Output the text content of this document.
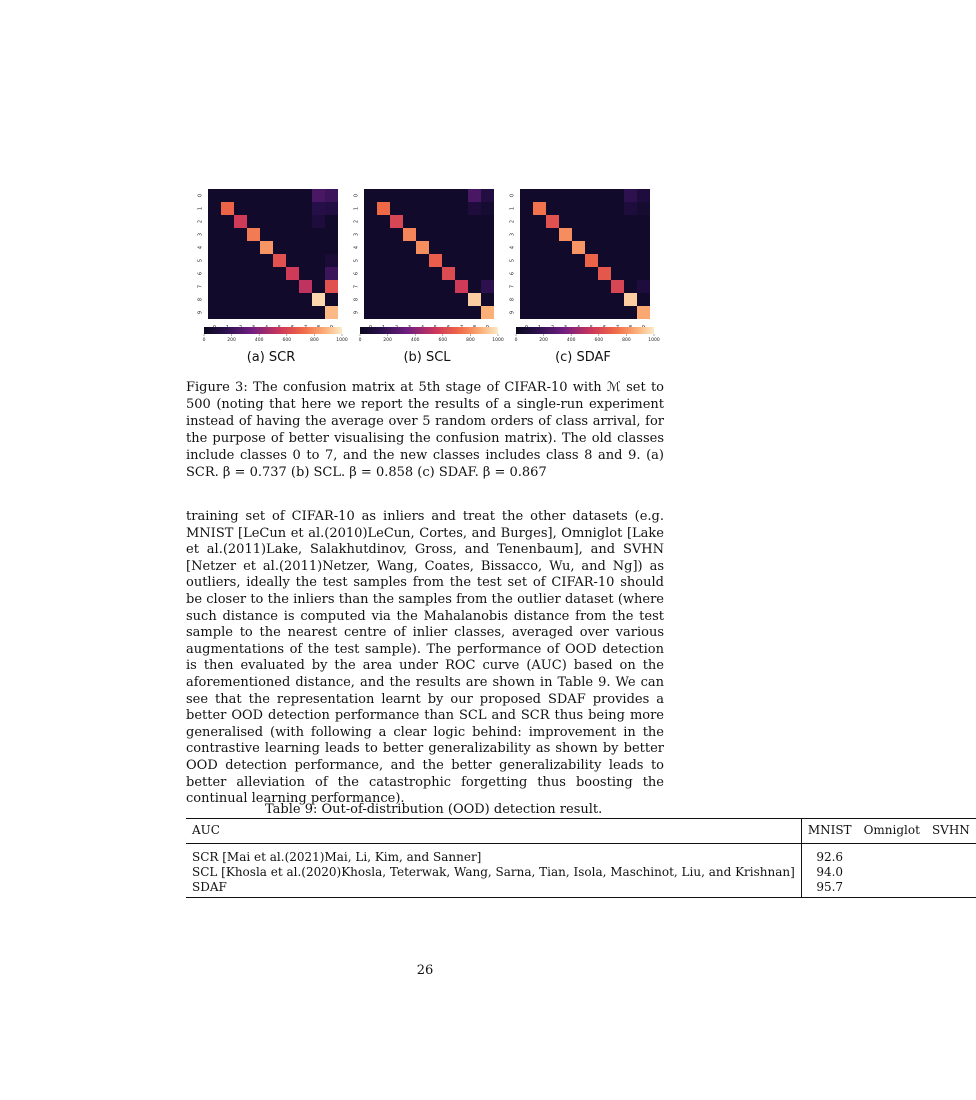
0
1
2
3
4
5
6
7
8
9
0	200	400	600	800	1000
0
1
2
3
4
5
6
7
8
9
0	200	400	600	800	1000
0
1
2
3
4
5
6
7
8
9
0	200	400	600	800	1000
(a) SCR	(b) SCL	(c) SDAF

Figure 3: The confusion matrix at 5th stage of CIFAR-10 with ℳ set to 500 (noting that here we report the results of a single-run experiment instead of having the average over 5 random orders of class arrival, for the purpose of better visualising the confusion matrix). The old classes include classes 0 to 7, and the new classes includes class 8 and 9. (a) SCR. β = 0.737 (b) SCL. β = 0.858 (c) SDAF. β = 0.867

training set of CIFAR-10 as inliers and treat the other datasets (e.g. MNIST [LeCun et al.(2010)LeCun, Cortes, and Burges], Omniglot [Lake et al.(2011)Lake, Salakhutdinov, Gross, and Tenenbaum], and SVHN [Netzer et al.(2011)Netzer, Wang, Coates, Bissacco, Wu, and Ng]) as outliers, ideally the test samples from the test set of CIFAR-10 should be closer to the inliers than the samples from the outlier dataset (where such distance is computed via the Mahalanobis distance from the test sample to the nearest centre of inlier classes, averaged over various augmentations of the test sample). The performance of OOD detection is then evaluated by the area under ROC curve (AUC) based on the aforementioned distance, and the results are shown in Table 9. We can see that the representation learnt by our proposed SDAF provides a better OOD detection performance than SCL and SCR thus being more generalised (with following a clear logic behind: improvement in the contrastive learning leads to better generalizability as shown by better OOD detection performance, and the better generalizability leads to better alleviation of the catastrophic forgetting thus boosting the continual learning performance).

Table 9: Out-of-distribution (OOD) detection result.
AUC	MNIST	Omniglot	SVHN
SCR [Mai et al.(2021)Mai, Li, Kim, and Sanner]	92.6		
SCL [Khosla et al.(2020)Khosla, Teterwak, Wang, Sarna, Tian, Isola, Maschinot, Liu, and Krishnan]	94.0		
SDAF	95.7		
26
